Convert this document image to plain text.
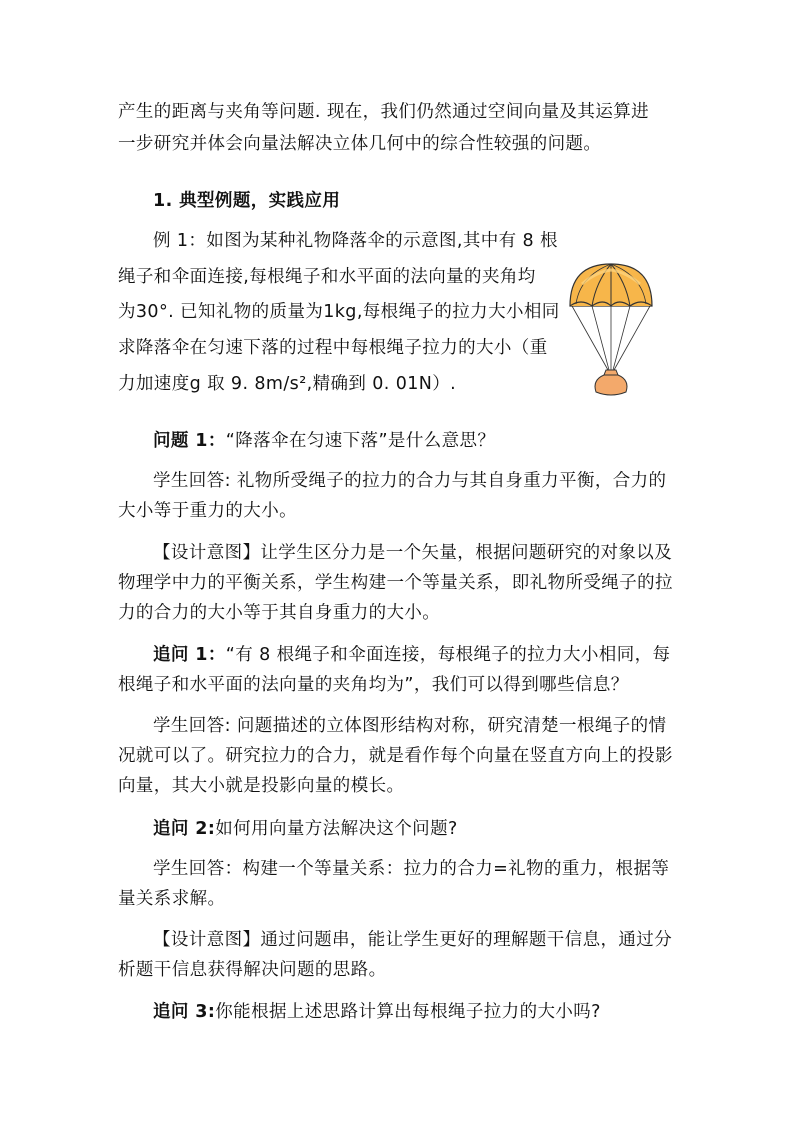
产生的距离与夹角等问题. 现在，我们仍然通过空间向量及其运算进
一步研究并体会向量法解决立体几何中的综合性较强的问题。
1. 典型例题，实践应用
例 1：如图为某种礼物降落伞的示意图,其中有 8 根
绳子和伞面连接,每根绳子和水平面的法向量的夹角均
为30°. 已知礼物的质量为1kg,每根绳子的拉力大小相同
求降落伞在匀速下落的过程中每根绳子拉力的大小（重
力加速度g 取 9. 8m/s²,精确到 0. 01N）.
问题 1：“降落伞在匀速下落”是什么意思？

学生回答: 礼物所受绳子的拉力的合力与其自身重力平衡，合力的大小等于重力的大小。

【设计意图】让学生区分力是一个矢量，根据问题研究的对象以及物理学中力的平衡关系，学生构建一个等量关系，即礼物所受绳子的拉力的合力的大小等于其自身重力的大小。

追问 1：“有 8 根绳子和伞面连接，每根绳子的拉力大小相同，每根绳子和水平面的法向量的夹角均为”，我们可以得到哪些信息？

学生回答: 问题描述的立体图形结构对称，研究清楚一根绳子的情况就可以了。研究拉力的合力，就是看作每个向量在竖直方向上的投影向量，其大小就是投影向量的模长。

追问 2:如何用向量方法解决这个问题?

学生回答：构建一个等量关系：拉力的合力=礼物的重力，根据等量关系求解。

【设计意图】通过问题串，能让学生更好的理解题干信息，通过分析题干信息获得解决问题的思路。

追问 3:你能根据上述思路计算出每根绳子拉力的大小吗?
